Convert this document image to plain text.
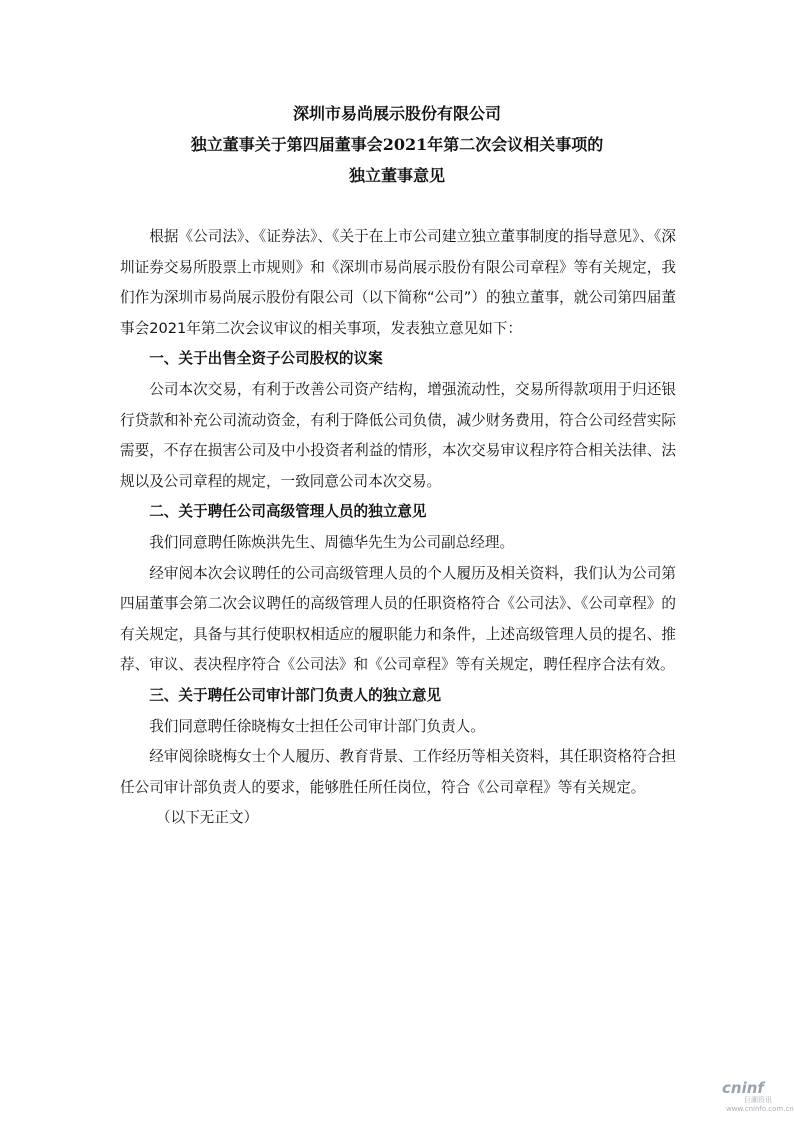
深圳市易尚展示股份有限公司
独立董事关于第四届董事会2021年第二次会议相关事项的
独立董事意见

根据《公司法》、《证券法》、《关于在上市公司建立独立董事制度的指导意见》、《深圳证券交易所股票上市规则》和《深圳市易尚展示股份有限公司章程》等有关规定，我们作为深圳市易尚展示股份有限公司（以下简称“公司”）的独立董事，就公司第四届董事会2021年第二次会议审议的相关事项，发表独立意见如下：

一、关于出售全资子公司股权的议案

公司本次交易，有利于改善公司资产结构，增强流动性，交易所得款项用于归还银行贷款和补充公司流动资金，有利于降低公司负债，减少财务费用，符合公司经营实际需要，不存在损害公司及中小投资者利益的情形，本次交易审议程序符合相关法律、法规以及公司章程的规定，一致同意公司本次交易。

二、关于聘任公司高级管理人员的独立意见

我们同意聘任陈焕洪先生、周德华先生为公司副总经理。

经审阅本次会议聘任的公司高级管理人员的个人履历及相关资料，我们认为公司第四届董事会第二次会议聘任的高级管理人员的任职资格符合《公司法》、《公司章程》的有关规定，具备与其行使职权相适应的履职能力和条件，上述高级管理人员的提名、推荐、审议、表决程序符合《公司法》和《公司章程》等有关规定，聘任程序合法有效。

三、关于聘任公司审计部门负责人的独立意见

我们同意聘任徐晓梅女士担任公司审计部门负责人。

经审阅徐晓梅女士个人履历、教育背景、工作经历等相关资料，其任职资格符合担任公司审计部负责人的要求，能够胜任所任岗位，符合《公司章程》等有关规定。

（以下无正文）

cninf
巨潮资讯
www.cninfo.com.cn
